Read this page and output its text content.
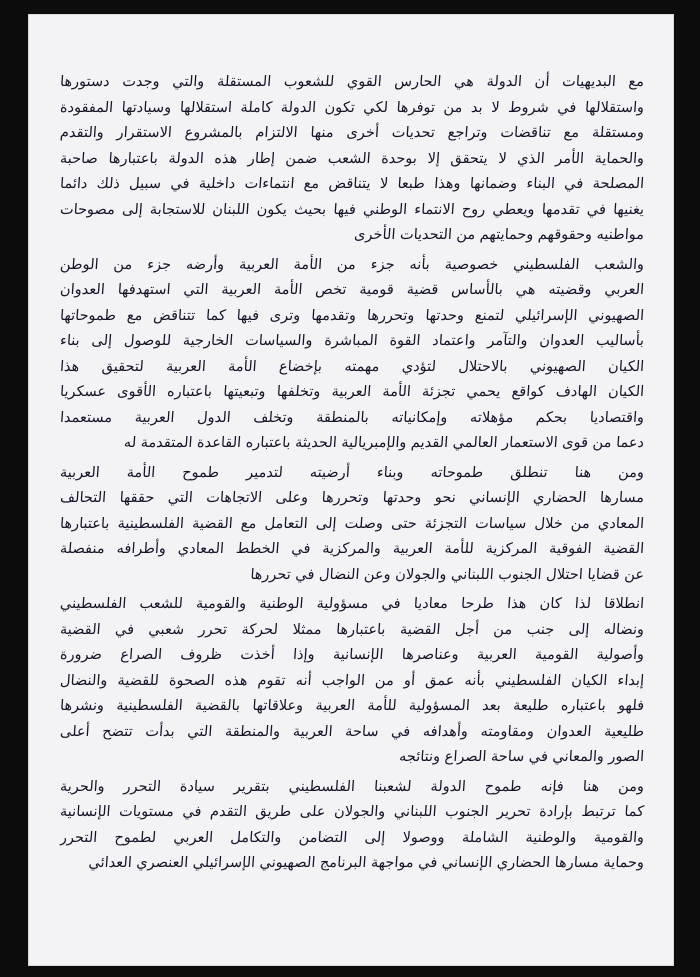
مع البديهيات أن الدولة هي الحارس القوي للشعوب المستقلة والتي وجدت دستورها
واستقلالها في شروط لا بد من توفرها لكي تكون الدولة كاملة استقلالها وسيادتها المفقودة
ومستقلة مع تناقضات وتراجع تحديات أخرى منها الالتزام بالمشروع الاستقرار والتقدم
والحماية الأمر الذي لا يتحقق إلا بوحدة الشعب ضمن إطار هذه الدولة باعتبارها صاحبة
المصلحة في البناء وضمانها وهذا طبعا لا يتناقض مع انتماءات داخلية في سبيل ذلك دائما
يغنيها في تقدمها ويعطي روح الانتماء الوطني فيها بحيث يكون اللبنان للاستجابة إلى مصوحات
مواطنيه وحقوقهم وحمايتهم من التحديات الأخرى
والشعب الفلسطيني خصوصية بأنه جزء من الأمة العربية وأرضه جزء من الوطن
العربي وقضيته هي بالأساس قضية قومية تخص الأمة العربية التي استهدفها العدوان
الصهيوني الإسرائيلي لتمنع وحدتها وتحررها وتقدمها وترى فيها كما تتناقض مع طموحاتها
بأساليب العدوان والتآمر واعتماد القوة المباشرة والسياسات الخارجية للوصول إلى بناء
الكيان الصهيوني بالاحتلال لتؤدي مهمته بإخضاع الأمة العربية لتحقيق هذا
الكيان الهادف كواقع يحمي تجزئة الأمة العربية وتخلفها وتبعيتها باعتباره الأقوى عسكريا
واقتصاديا بحكم مؤهلاته وإمكانياته بالمنطقة وتخلف الدول العربية مستعمدا
دعما من قوى الاستعمار العالمي القديم والإمبريالية الحديثة باعتباره القاعدة المتقدمة له
ومن هنا تنطلق طموحاته وبناء أرضيته لتدمير طموح الأمة العربية
مسارها الحضاري الإنساني نحو وحدتها وتحررها وعلى الاتجاهات التي حققها التحالف
المعادي من خلال سياسات التجزئة حتى وصلت إلى التعامل مع القضية الفلسطينية باعتبارها
القضية الفوقية المركزية للأمة العربية والمركزية في الخطط المعادي وأطرافه منفصلة
عن قضايا احتلال الجنوب اللبناني والجولان وعن النضال في تحررها
انطلاقا لذا كان هذا طرحا معاديا في مسؤولية الوطنية والقومية للشعب الفلسطيني
ونضاله إلى جنب من أجل القضية باعتبارها ممثلا لحركة تحرر شعبي في القضية
وأصولية القومية العربية وعناصرها الإنسانية وإذا أخذت ظروف الصراع ضرورة
إبداء الكيان الفلسطيني بأنه عمق أو من الواجب أنه تقوم هذه الصحوة للقضية والنضال
فلهو باعتباره طليعة بعد المسؤولية للأمة العربية وعلاقاتها بالقضية الفلسطينية ونشرها
طليعية العدوان ومقاومته وأهدافه في ساحة العربية والمنطقة التي بدأت تتضح أعلى
الصور والمعاني في ساحة الصراع ونتائجه
ومن هنا فإنه طموح الدولة لشعبنا الفلسطيني بتقرير سيادة التحرر والحرية
كما ترتبط بإرادة تحرير الجنوب اللبناني والجولان على طريق التقدم في مستويات الإنسانية
والقومية والوطنية الشاملة ووصولا إلى التضامن والتكامل العربي لطموح التحرر
وحماية مسارها الحضاري الإنساني في مواجهة البرنامج الصهيوني الإسرائيلي العنصري العدائي
